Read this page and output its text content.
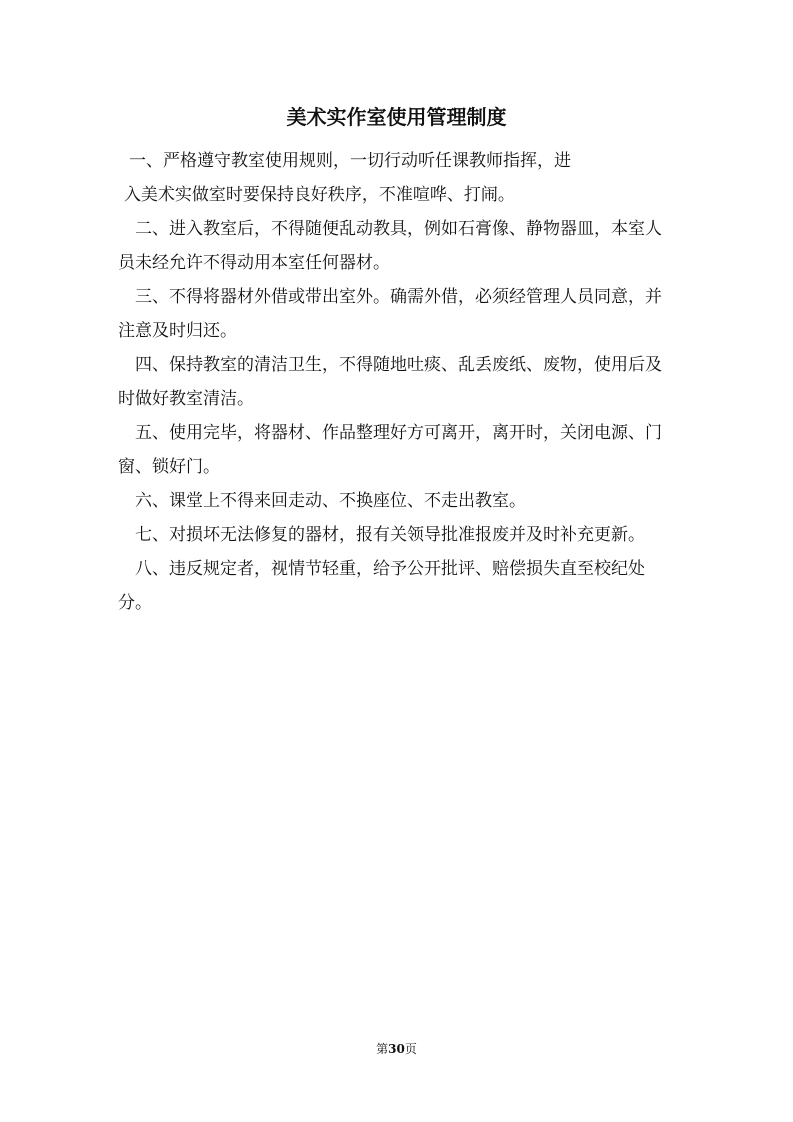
美术实作室使用管理制度

一、严格遵守教室使用规则，一切行动听任课教师指挥，进
入美术实做室时要保持良好秩序，不准喧哗、打闹。

二、进入教室后，不得随便乱动教具，例如石膏像、静物器皿，本室人员未经允许不得动用本室任何器材。

三、不得将器材外借或带出室外。确需外借，必须经管理人员同意，并注意及时归还。

四、保持教室的清洁卫生，不得随地吐痰、乱丢废纸、废物，使用后及时做好教室清洁。

五、使用完毕，将器材、作品整理好方可离开，离开时，关闭电源、门窗、锁好门。

六、课堂上不得来回走动、不换座位、不走出教室。

七、对损坏无法修复的器材，报有关领导批准报废并及时补充更新。

八、违反规定者，视情节轻重，给予公开批评、赔偿损失直至校纪处分。

第30页
